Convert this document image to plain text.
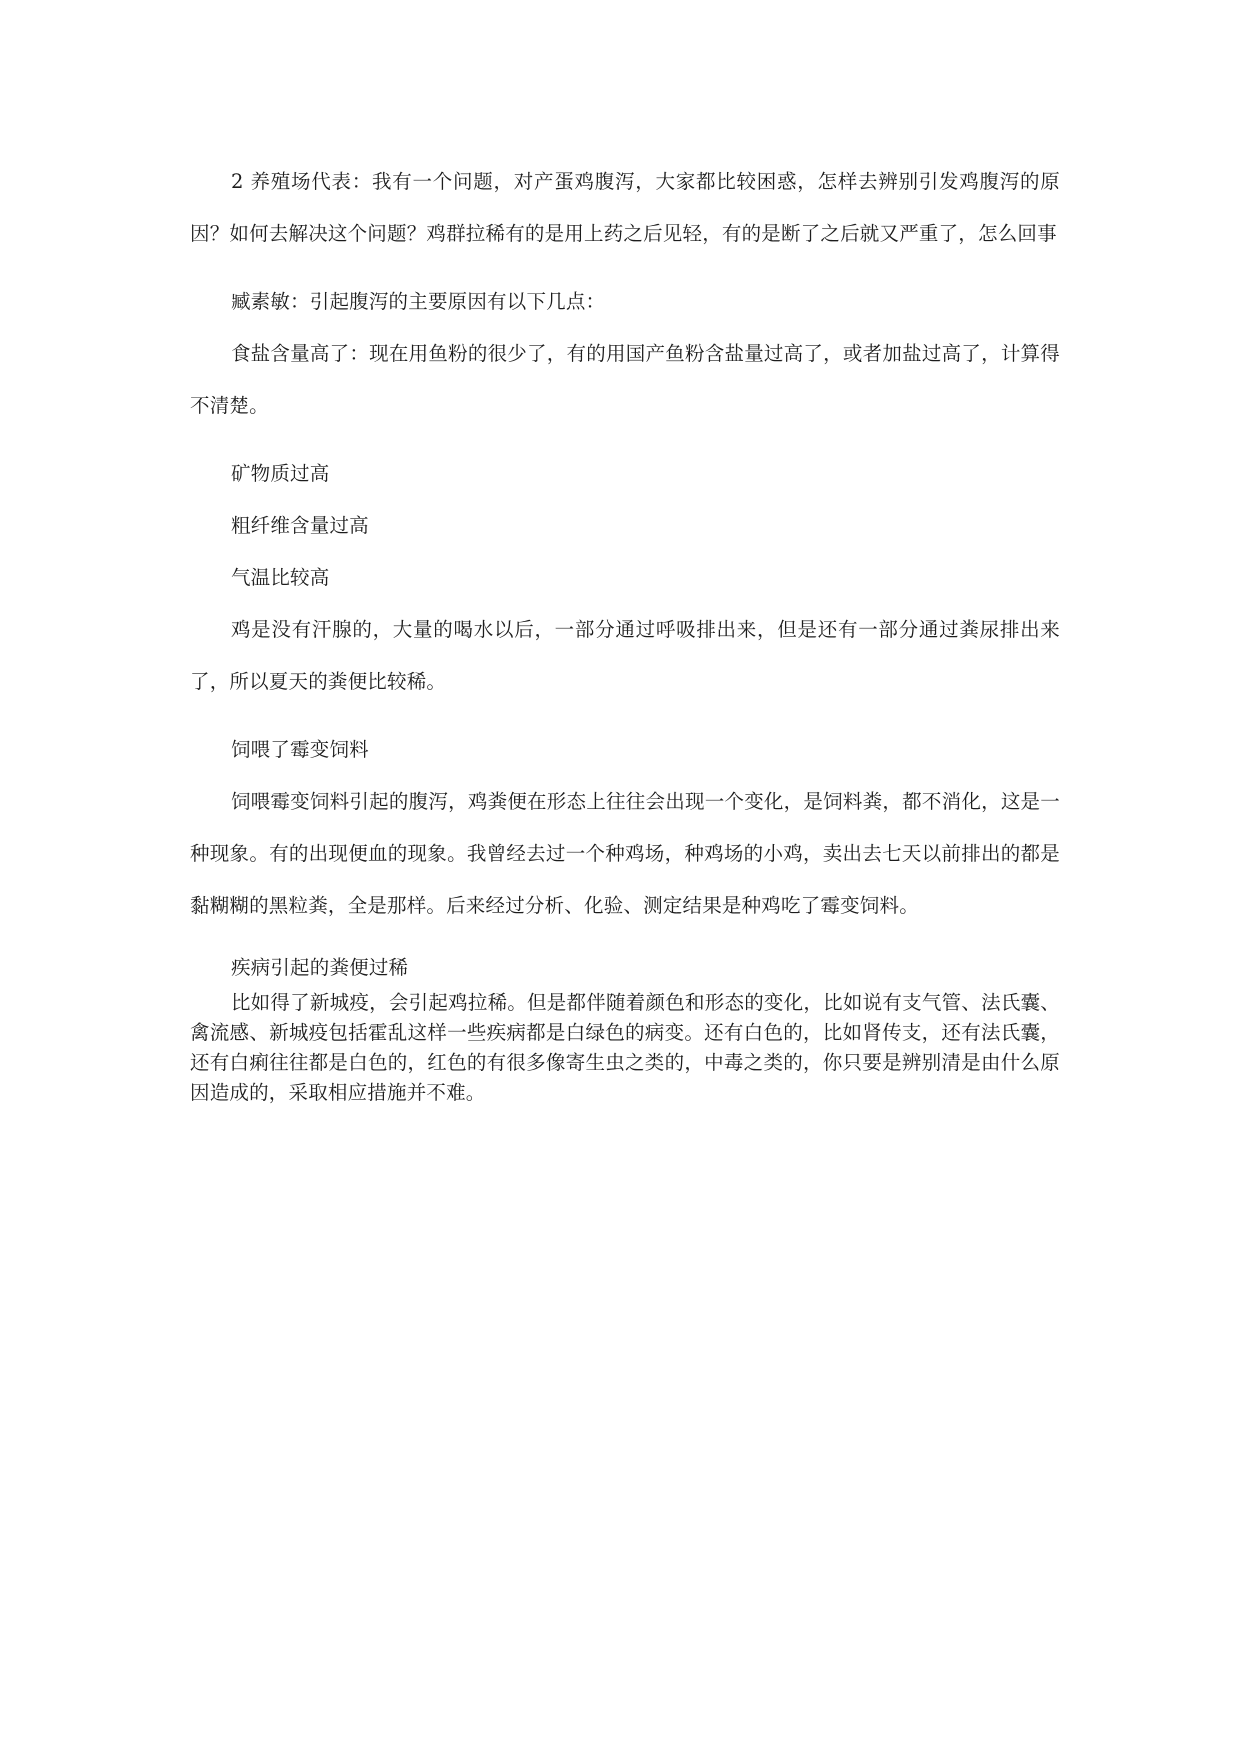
2 养殖场代表：我有一个问题，对产蛋鸡腹泻，大家都比较困惑，怎样去辨别引发鸡腹泻的原因？如何去解决这个问题？鸡群拉稀有的是用上药之后见轻，有的是断了之后就又严重了，怎么回事

臧素敏：引起腹泻的主要原因有以下几点：

食盐含量高了：现在用鱼粉的很少了，有的用国产鱼粉含盐量过高了，或者加盐过高了，计算得不清楚。

矿物质过高

粗纤维含量过高

气温比较高

鸡是没有汗腺的，大量的喝水以后，一部分通过呼吸排出来，但是还有一部分通过粪尿排出来了，所以夏天的粪便比较稀。

饲喂了霉变饲料

饲喂霉变饲料引起的腹泻，鸡粪便在形态上往往会出现一个变化，是饲料粪，都不消化，这是一种现象。有的出现便血的现象。我曾经去过一个种鸡场，种鸡场的小鸡，卖出去七天以前排出的都是黏糊糊的黑粒粪，全是那样。后来经过分析、化验、测定结果是种鸡吃了霉变饲料。

疾病引起的粪便过稀

比如得了新城疫，会引起鸡拉稀。但是都伴随着颜色和形态的变化，比如说有支气管、法氏囊、禽流感、新城疫包括霍乱这样一些疾病都是白绿色的病变。还有白色的，比如肾传支，还有法氏囊，还有白痢往往都是白色的，红色的有很多像寄生虫之类的，中毒之类的，你只要是辨别清是由什么原因造成的，采取相应措施并不难。
